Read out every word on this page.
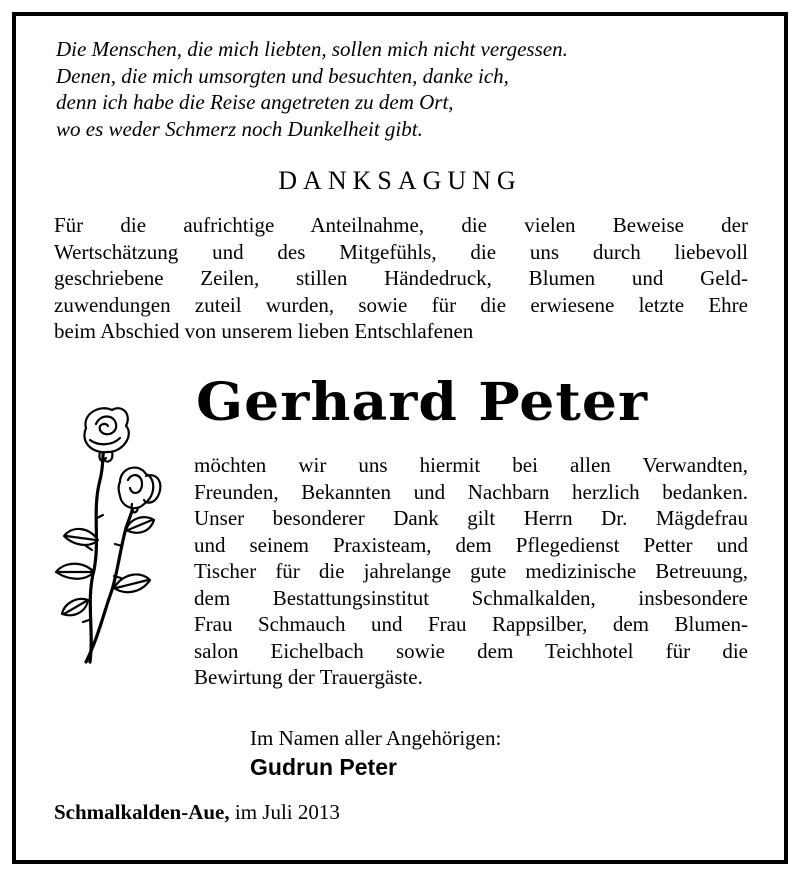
Die Menschen, die mich liebten, sollen mich nicht vergessen.
Denen, die mich umsorgten und besuchten, danke ich,
denn ich habe die Reise angetreten zu dem Ort,
wo es weder Schmerz noch Dunkelheit gibt.
DANKSAGUNG
Für die aufrichtige Anteilnahme, die vielen Beweise der
Wertschätzung und des Mitgefühls, die uns durch liebevoll
geschriebene Zeilen, stillen Händedruck, Blumen und Geld-
zuwendungen zuteil wurden, sowie für die erwiesene letzte Ehre
beim Abschied von unserem lieben Entschlafenen
Gerhard Peter
möchten wir uns hiermit bei allen Verwandten,
Freunden, Bekannten und Nachbarn herzlich bedanken.
Unser besonderer Dank gilt Herrn Dr. Mägdefrau
und seinem Praxisteam, dem Pflegedienst Petter und
Tischer für die jahrelange gute medizinische Betreuung,
dem Bestattungsinstitut Schmalkalden, insbesondere
Frau Schmauch und Frau Rappsilber, dem Blumen-
salon Eichelbach sowie dem Teichhotel für die
Bewirtung der Trauergäste.
Im Namen aller Angehörigen:
Gudrun Peter
Schmalkalden-Aue, im Juli 2013
